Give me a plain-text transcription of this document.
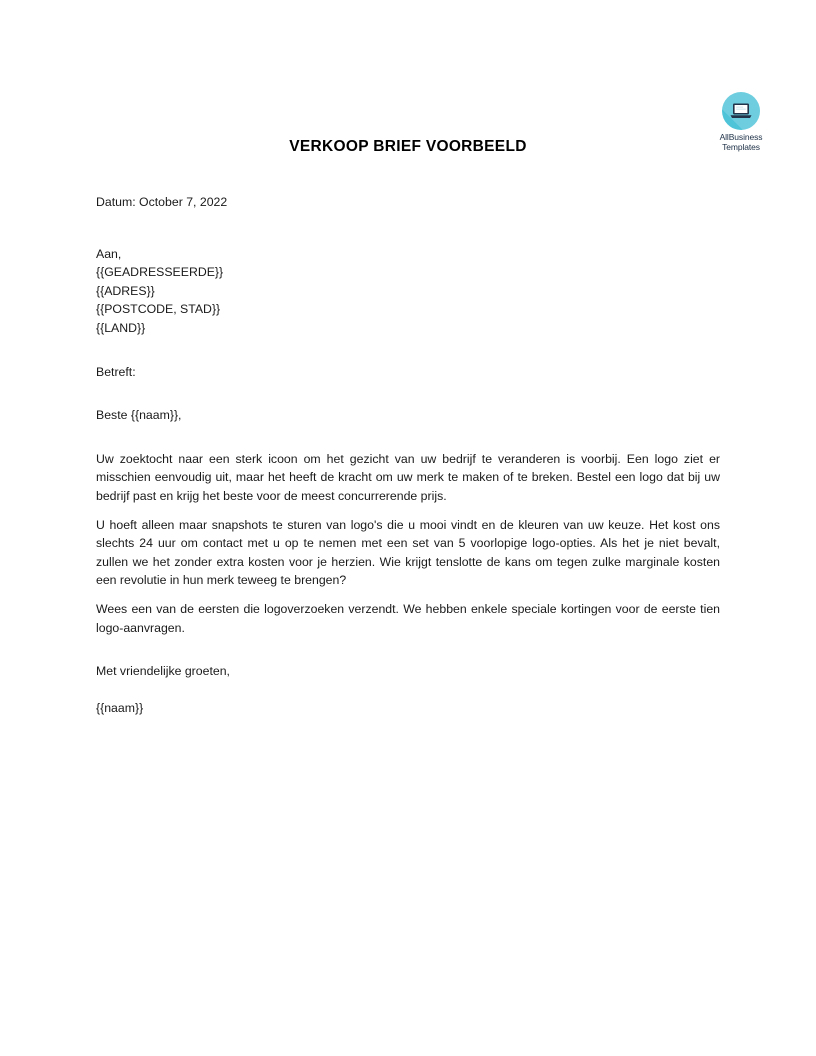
AllBusiness
Templates
VERKOOP BRIEF VOORBEELD
Datum: October 7, 2022
Aan,
{{GEADRESSEERDE}}
{{ADRES}}
{{POSTCODE, STAD}}
{{LAND}}
Betreft:
Beste {{naam}},

Uw zoektocht naar een sterk icoon om het gezicht van uw bedrijf te veranderen is voorbij. Een logo ziet er misschien eenvoudig uit, maar het heeft de kracht om uw merk te maken of te breken. Bestel een logo dat bij uw bedrijf past en krijg het beste voor de meest concurrerende prijs.

U hoeft alleen maar snapshots te sturen van logo's die u mooi vindt en de kleuren van uw keuze. Het kost ons slechts 24 uur om contact met u op te nemen met een set van 5 voorlopige logo-opties. Als het je niet bevalt, zullen we het zonder extra kosten voor je herzien. Wie krijgt tenslotte de kans om tegen zulke marginale kosten een revolutie in hun merk teweeg te brengen?

Wees een van de eersten die logoverzoeken verzendt. We hebben enkele speciale kortingen voor de eerste tien logo-aanvragen.

Met vriendelijke groeten,
{{naam}}
